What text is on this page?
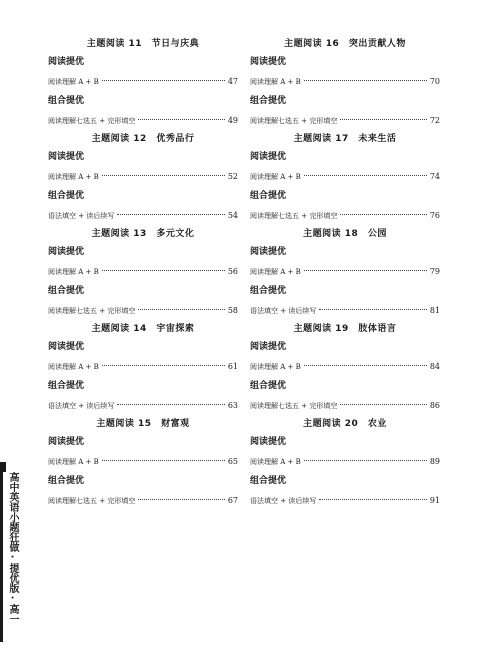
主题阅读 11　节日与庆典
阅读提优
阅读理解 A + B	47
组合提优
阅读理解七选五 + 完形填空	49
主题阅读 12　优秀品行
阅读提优
阅读理解 A + B	52
组合提优
语法填空 + 读后续写	54
主题阅读 13　多元文化
阅读提优
阅读理解 A + B	56
组合提优
阅读理解七选五 + 完形填空	58
主题阅读 14　宇宙探索
阅读提优
阅读理解 A + B	61
组合提优
语法填空 + 读后续写	63
主题阅读 15　财富观
阅读提优
阅读理解 A + B	65
组合提优
阅读理解七选五 + 完形填空	67
主题阅读 16　突出贡献人物
阅读提优
阅读理解 A + B	70
组合提优
阅读理解七选五 + 完形填空	72
主题阅读 17　未来生活
阅读提优
阅读理解 A + B	74
组合提优
阅读理解七选五 + 完形填空	76
主题阅读 18　公园
阅读提优
阅读理解 A + B	79
组合提优
语法填空 + 读后续写	81
主题阅读 19　肢体语言
阅读提优
阅读理解 A + B	84
组合提优
阅读理解七选五 + 完形填空	86
主题阅读 20　农业
阅读提优
阅读理解 A + B	89
组合提优
语法填空 + 读后续写	91
高中英语小题狂做·提优版·高一
